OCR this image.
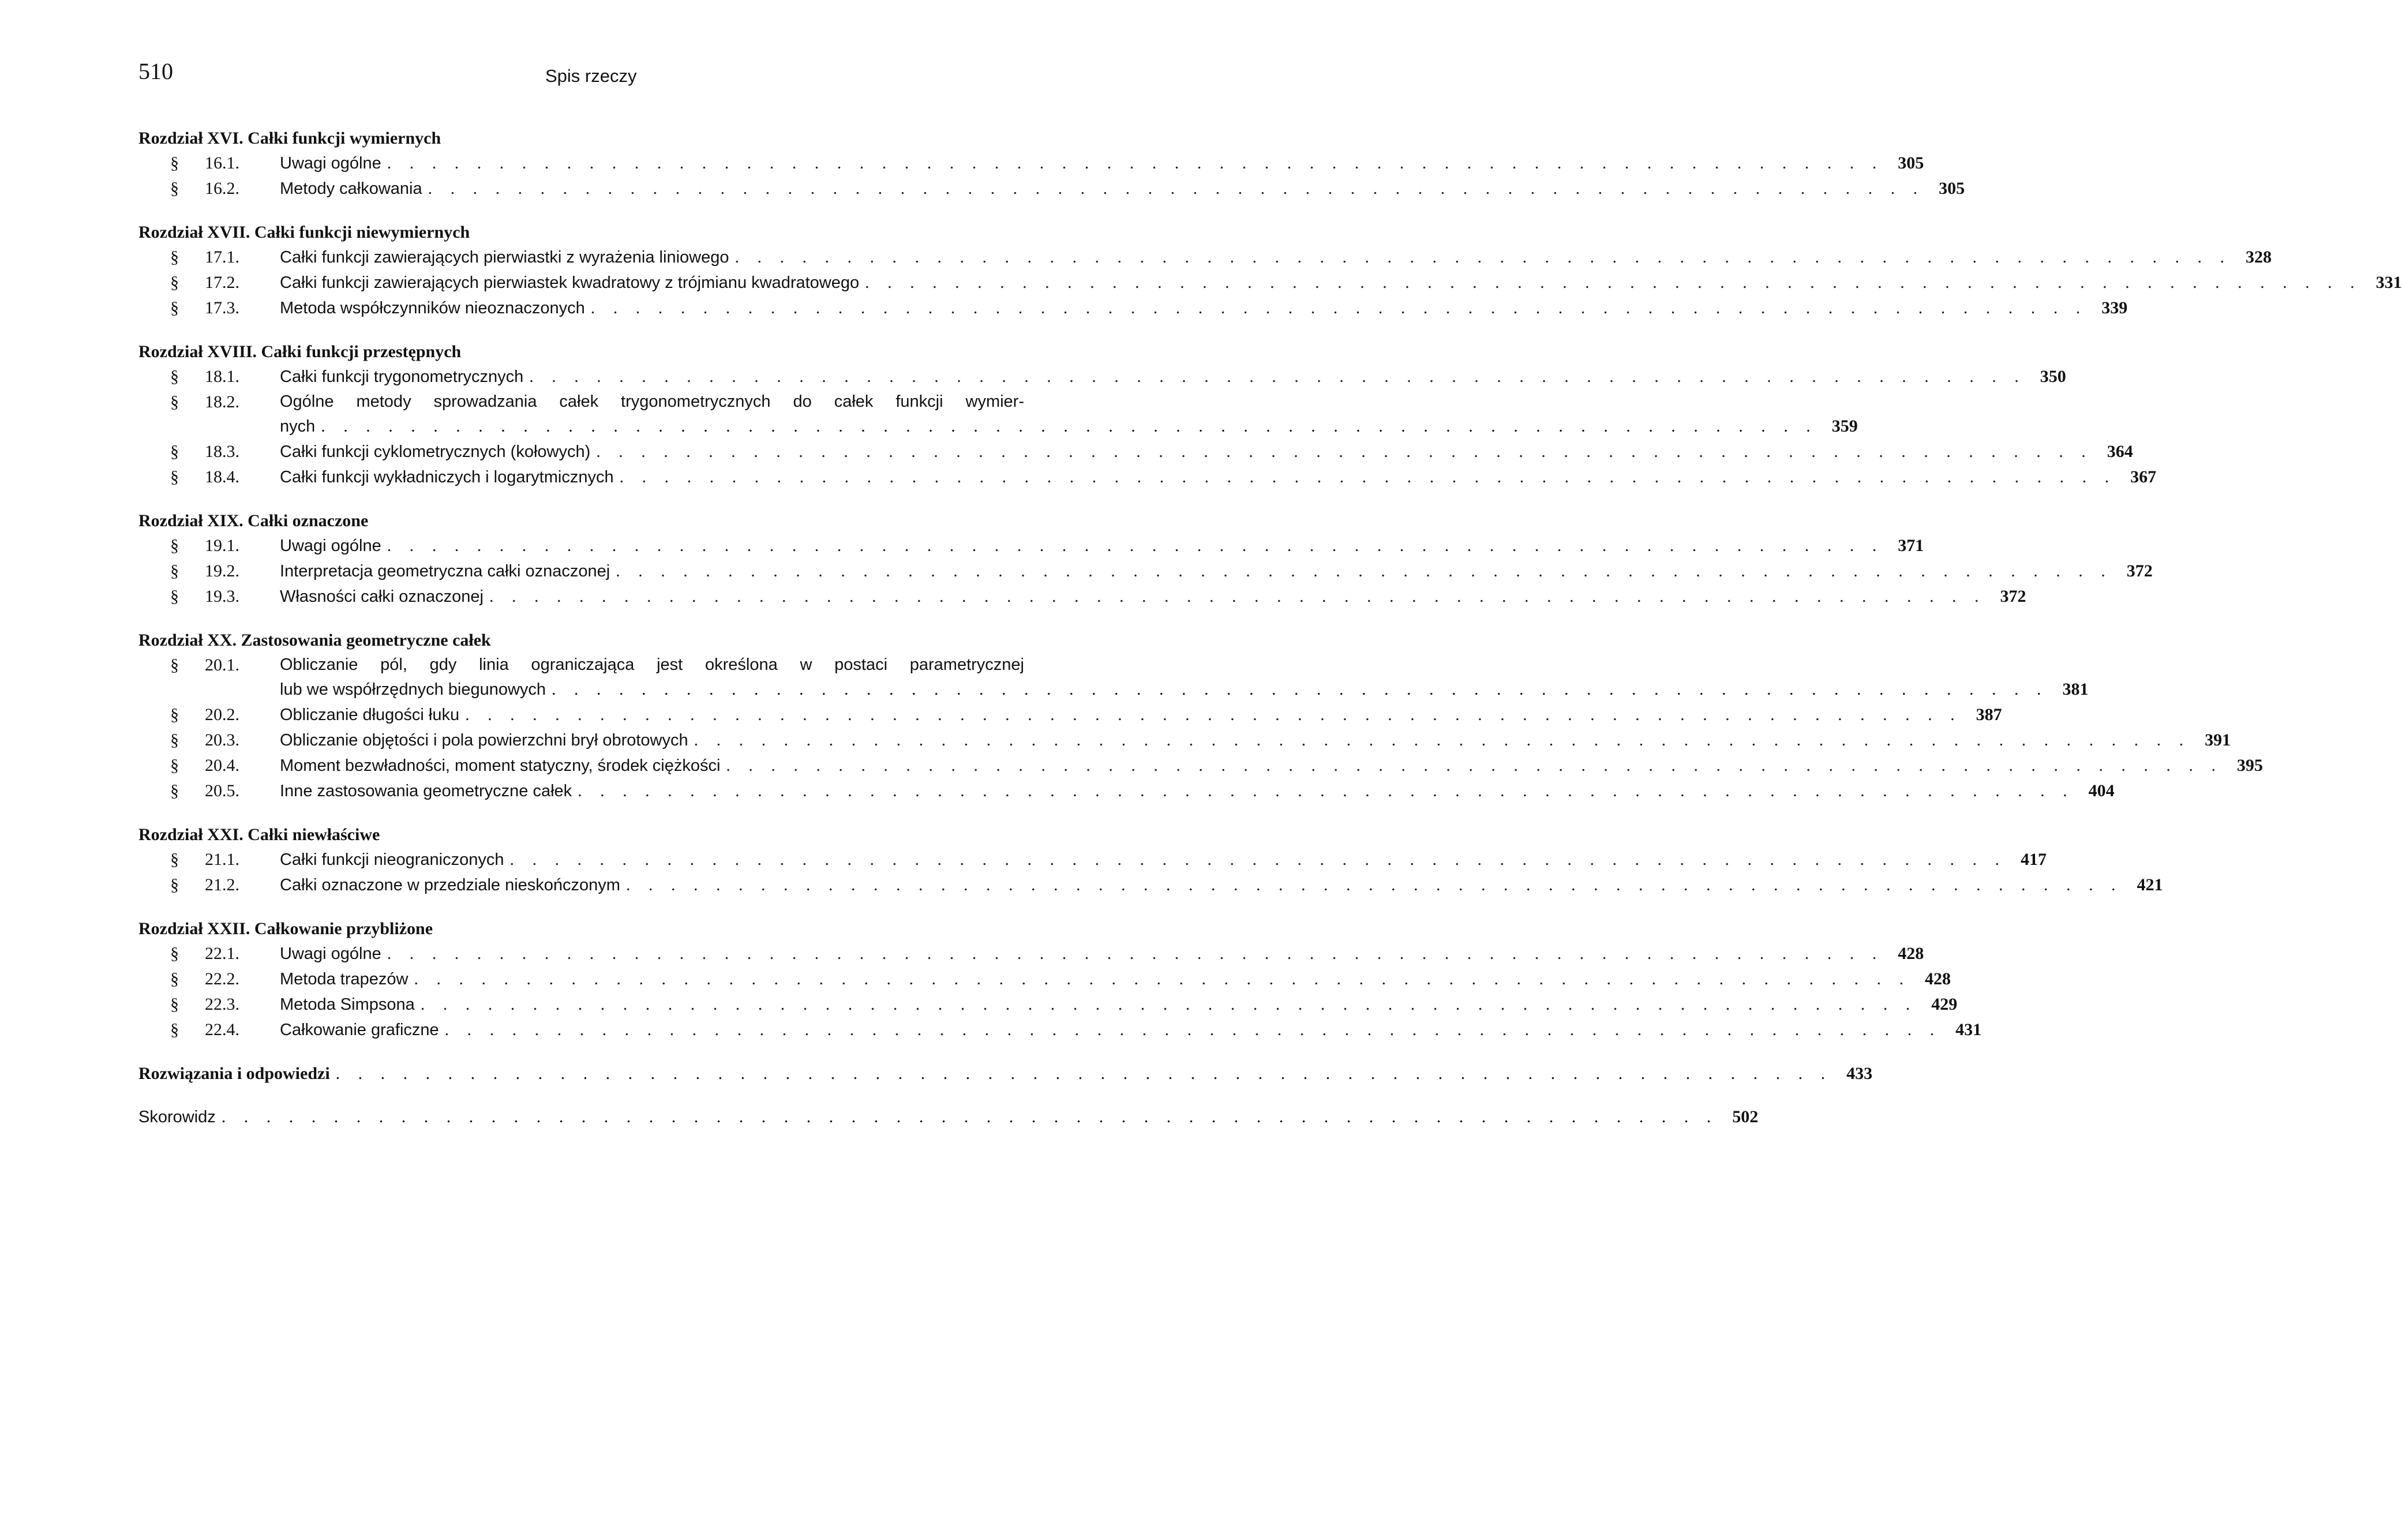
510	Spis rzeczy
Rozdział XVI. Całki funkcji wymiernych
§	16.1.	Uwagi ogólne . . . . . . . . . . . . . . . . . . . . . . . . . . . . . . . . . . . . . . . . . . . . . . . . . . . . . . . . . . . . . . . . . . . 305
§	16.2.	Metody całkowania . . . . . . . . . . . . . . . . . . . . . . . . . . . . . . . . . . . . . . . . . . . . . . . . . . . . . . . . . . . . . . . . . . . 305
Rozdział XVII. Całki funkcji niewymiernych
§	17.1.	Całki funkcji zawierających pierwiastki z wyrażenia liniowego . . . . . . . . . . . . . . . . . . . . . . . . . . . . . . . . . . . . . . . . . . . . . . . . . . . . . . . . . . . . . . . . . . . 328
§	17.2.	Całki funkcji zawierających pierwiastek kwadratowy z trójmianu kwadratowego . . . . . . . . . . . . . . . . . . . . . . . . . . . . . . . . . . . . . . . . . . . . . . . . . . . . . . . . . . . . . . . . . . . 331
§	17.3.	Metoda współczynników nieoznaczonych . . . . . . . . . . . . . . . . . . . . . . . . . . . . . . . . . . . . . . . . . . . . . . . . . . . . . . . . . . . . . . . . . . . 339
Rozdział XVIII. Całki funkcji przestępnych
§	18.1.	Całki funkcji trygonometrycznych . . . . . . . . . . . . . . . . . . . . . . . . . . . . . . . . . . . . . . . . . . . . . . . . . . . . . . . . . . . . . . . . . . . 350
§	18.2.	Ogólne metody sprowadzania całek trygonometrycznych do całek funkcji wymier-
nych . . . . . . . . . . . . . . . . . . . . . . . . . . . . . . . . . . . . . . . . . . . . . . . . . . . . . . . . . . . . . . . . . . . 359
§	18.3.	Całki funkcji cyklometrycznych (kołowych) . . . . . . . . . . . . . . . . . . . . . . . . . . . . . . . . . . . . . . . . . . . . . . . . . . . . . . . . . . . . . . . . . . . 364
§	18.4.	Całki funkcji wykładniczych i logarytmicznych . . . . . . . . . . . . . . . . . . . . . . . . . . . . . . . . . . . . . . . . . . . . . . . . . . . . . . . . . . . . . . . . . . . 367
Rozdział XIX. Całki oznaczone
§	19.1.	Uwagi ogólne . . . . . . . . . . . . . . . . . . . . . . . . . . . . . . . . . . . . . . . . . . . . . . . . . . . . . . . . . . . . . . . . . . . 371
§	19.2.	Interpretacja geometryczna całki oznaczonej . . . . . . . . . . . . . . . . . . . . . . . . . . . . . . . . . . . . . . . . . . . . . . . . . . . . . . . . . . . . . . . . . . . 372
§	19.3.	Własności całki oznaczonej . . . . . . . . . . . . . . . . . . . . . . . . . . . . . . . . . . . . . . . . . . . . . . . . . . . . . . . . . . . . . . . . . . . 372
Rozdział XX. Zastosowania geometryczne całek
§	20.1.	Obliczanie pól, gdy linia ograniczająca jest określona w postaci parametrycznej
lub we współrzędnych biegunowych . . . . . . . . . . . . . . . . . . . . . . . . . . . . . . . . . . . . . . . . . . . . . . . . . . . . . . . . . . . . . . . . . . . 381
§	20.2.	Obliczanie długości łuku . . . . . . . . . . . . . . . . . . . . . . . . . . . . . . . . . . . . . . . . . . . . . . . . . . . . . . . . . . . . . . . . . . . 387
§	20.3.	Obliczanie objętości i pola powierzchni brył obrotowych . . . . . . . . . . . . . . . . . . . . . . . . . . . . . . . . . . . . . . . . . . . . . . . . . . . . . . . . . . . . . . . . . . . 391
§	20.4.	Moment bezwładności, moment statyczny, środek ciężkości . . . . . . . . . . . . . . . . . . . . . . . . . . . . . . . . . . . . . . . . . . . . . . . . . . . . . . . . . . . . . . . . . . . 395
§	20.5.	Inne zastosowania geometryczne całek . . . . . . . . . . . . . . . . . . . . . . . . . . . . . . . . . . . . . . . . . . . . . . . . . . . . . . . . . . . . . . . . . . . 404
Rozdział XXI. Całki niewłaściwe
§	21.1.	Całki funkcji nieograniczonych . . . . . . . . . . . . . . . . . . . . . . . . . . . . . . . . . . . . . . . . . . . . . . . . . . . . . . . . . . . . . . . . . . . 417
§	21.2.	Całki oznaczone w przedziale nieskończonym . . . . . . . . . . . . . . . . . . . . . . . . . . . . . . . . . . . . . . . . . . . . . . . . . . . . . . . . . . . . . . . . . . . 421
Rozdział XXII. Całkowanie przybliżone
§	22.1.	Uwagi ogólne . . . . . . . . . . . . . . . . . . . . . . . . . . . . . . . . . . . . . . . . . . . . . . . . . . . . . . . . . . . . . . . . . . . 428
§	22.2.	Metoda trapezów . . . . . . . . . . . . . . . . . . . . . . . . . . . . . . . . . . . . . . . . . . . . . . . . . . . . . . . . . . . . . . . . . . . 428
§	22.3.	Metoda Simpsona . . . . . . . . . . . . . . . . . . . . . . . . . . . . . . . . . . . . . . . . . . . . . . . . . . . . . . . . . . . . . . . . . . . 429
§	22.4.	Całkowanie graficzne . . . . . . . . . . . . . . . . . . . . . . . . . . . . . . . . . . . . . . . . . . . . . . . . . . . . . . . . . . . . . . . . . . . 431
Rozwiązania i odpowiedzi . . . . . . . . . . . . . . . . . . . . . . . . . . . . . . . . . . . . . . . . . . . . . . . . . . . . . . . . . . . . . . . . . . . 433
Skorowidz . . . . . . . . . . . . . . . . . . . . . . . . . . . . . . . . . . . . . . . . . . . . . . . . . . . . . . . . . . . . . . . . . . . 502
